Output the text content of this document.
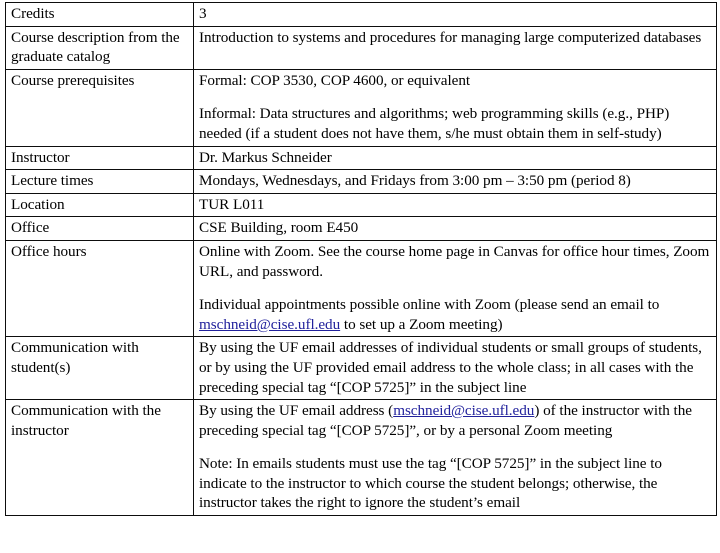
Credits	3

Course description from the graduate catalog	Introduction to systems and procedures for managing large computerized databases

Course prerequisites	Formal: COP 3530, COP 4600, or equivalent

Informal: Data structures and algorithms; web programming skills (e.g., PHP) needed (if a student does not have them, s/he must obtain them in self-study)

Instructor	Dr. Markus Schneider

Lecture times	Mondays, Wednesdays, and Fridays from 3:00 pm – 3:50 pm (period 8)

Location	TUR L011

Office	CSE Building, room E450

Office hours	Online with Zoom. See the course home page in Canvas for office hour times, Zoom URL, and password.

Individual appointments possible online with Zoom (please send an email to mschneid@cise.ufl.edu to set up a Zoom meeting)

Communication with student(s)	By using the UF email addresses of individual students or small groups of students, or by using the UF provided email address to the whole class; in all cases with the preceding special tag “[COP 5725]” in the subject line

Communication with the instructor	By using the UF email address (mschneid@cise.ufl.edu) of the instructor with the preceding special tag “[COP 5725]”, or by a personal Zoom meeting

Note: In emails students must use the tag “[COP 5725]” in the subject line to indicate to the instructor to which course the student belongs; otherwise, the instructor takes the right to ignore the student’s email
